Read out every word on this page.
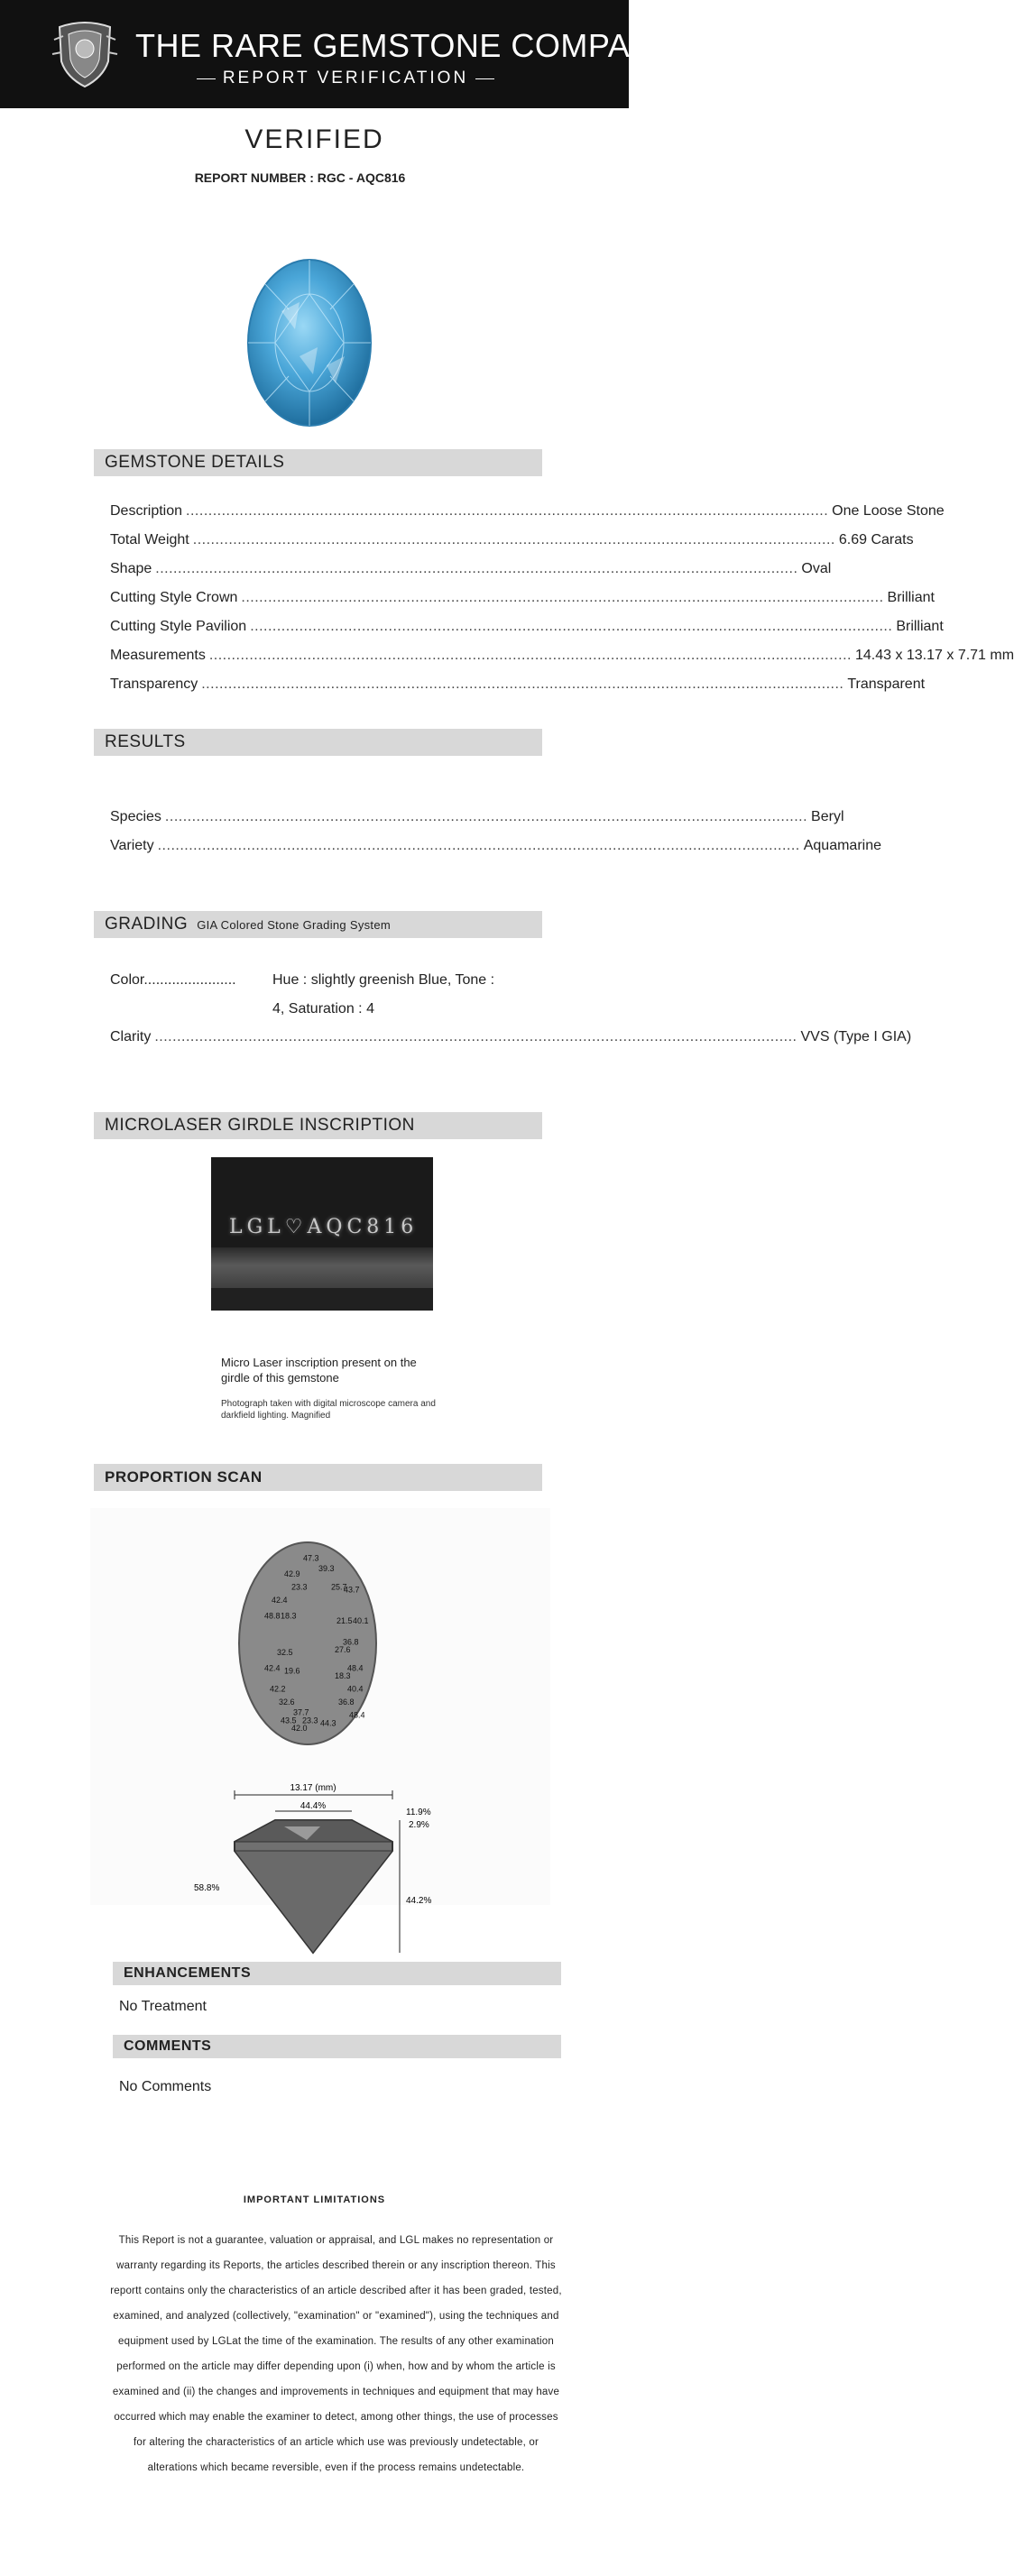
THE RARE GEMSTONE COMPANY™
REPORT VERIFICATION
VERIFIED
REPORT NUMBER : RGC - AQC816
GEMSTONE DETAILS
Description .....	One Loose Stone
Total Weight .....	6.69 Carats
Shape .....	Oval
Cutting Style Crown .....	Brilliant
Cutting Style Pavilion .....	Brilliant
Measurements .....	14.43 x 13.17 x 7.71 mm
Transparency .....	Transparent
RESULTS
Species .....	Beryl
Variety .....	Aquamarine
GRADING GIA Colored Stone Grading System
Color.......................	Hue : slightly greenish Blue, Tone :
4, Saturation : 4
Clarity .....	VVS (Type I GIA)
MICROLASER GIRDLE INSCRIPTION
LGL♡AQC816
Micro Laser inscription present on the girdle of this gemstone
Photograph taken with digital microscope camera and darkfield lighting. Magnified
PROPORTION SCAN
47.3
39.3
42.9
23.3	25.7
43.7
42.4
48.8 18.3
21.5 40.1
36.8
27.6
32.5
48.4
42.4 19.6
18.3
42.2	40.4
32.6	36.8
37.7	48.4
43.5 23.3 44.3
42.0
13.17 (mm)
44.4%
11.9%
2.9%
44.2%
58.8%
ENHANCEMENTS
No Treatment
COMMENTS
No Comments
IMPORTANT LIMITATIONS
This Report is not a guarantee, valuation or appraisal, and LGL makes no representation or warranty regarding its Reports, the articles described therein or any inscription thereon. This reportt contains only the characteristics of an article described after it has been graded, tested, examined, and analyzed (collectively, "examination" or "examined"), using the techniques and equipment used by LGLat the time of the examination. The results of any other examination performed on the article may differ depending upon (i) when, how and by whom the article is examined and (ii) the changes and improvements in techniques and equipment that may have occurred which may enable the examiner to detect, among other things, the use of processes for altering the characteristics of an article which use was previously undetectable, or alterations which became reversible, even if the process remains undetectable.
